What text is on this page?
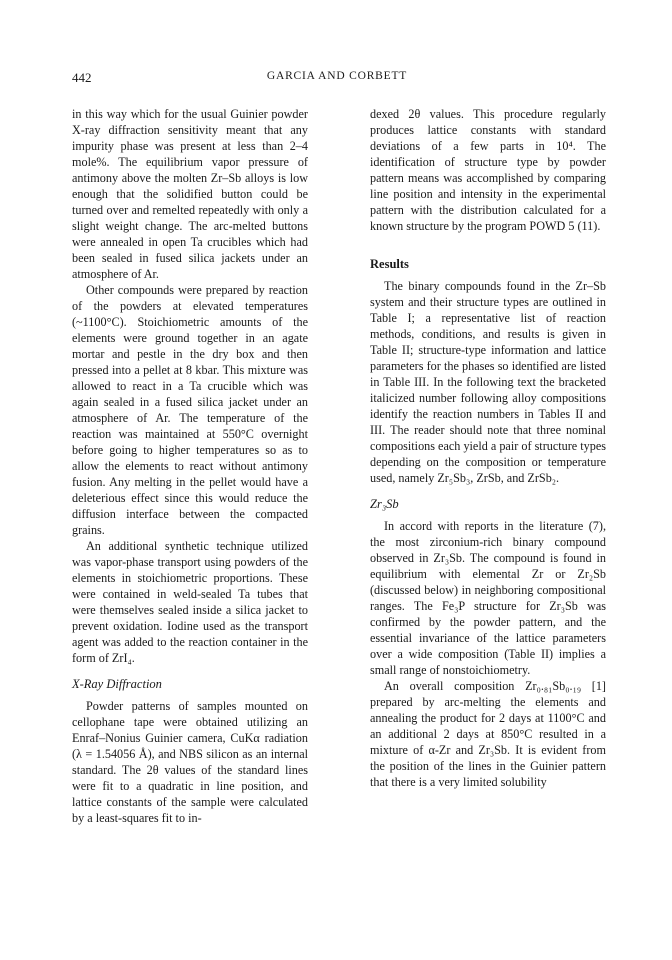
442	GARCIA AND CORBETT

in this way which for the usual Guinier powder X-ray diffraction sensitivity meant that any impurity phase was present at less than 2–4 mole%. The equilibrium vapor pressure of antimony above the molten Zr–Sb alloys is low enough that the solidified button could be turned over and remelted repeatedly with only a slight weight change. The arc-melted buttons were annealed in open Ta crucibles which had been sealed in fused silica jackets under an atmosphere of Ar.

Other compounds were prepared by reaction of the powders at elevated temperatures (~1100°C). Stoichiometric amounts of the elements were ground together in an agate mortar and pestle in the dry box and then pressed into a pellet at 8 kbar. This mixture was allowed to react in a Ta crucible which was again sealed in a fused silica jacket under an atmosphere of Ar. The temperature of the reaction was maintained at 550°C overnight before going to higher temperatures so as to allow the elements to react without antimony fusion. Any melting in the pellet would have a deleterious effect since this would reduce the diffusion interface between the compacted grains.

An additional synthetic technique utilized was vapor-phase transport using powders of the elements in stoichiometric proportions. These were contained in weld-sealed Ta tubes that were themselves sealed inside a silica jacket to prevent oxidation. Iodine used as the transport agent was added to the reaction container in the form of ZrI₄.

X-Ray Diffraction

Powder patterns of samples mounted on cellophane tape were obtained utilizing an Enraf–Nonius Guinier camera, CuKα radiation (λ = 1.54056 Å), and NBS silicon as an internal standard. The 2θ values of the standard lines were fit to a quadratic in line position, and lattice constants of the sample were calculated by a least-squares fit to in-

dexed 2θ values. This procedure regularly produces lattice constants with standard deviations of a few parts in 10⁴. The identification of structure type by powder pattern means was accomplished by comparing line position and intensity in the experimental pattern with the distribution calculated for a known structure by the program POWD 5 (11).

Results

The binary compounds found in the Zr–Sb system and their structure types are outlined in Table I; a representative list of reaction methods, conditions, and results is given in Table II; structure-type information and lattice parameters for the phases so identified are listed in Table III. In the following text the bracketed italicized number following alloy compositions identify the reaction numbers in Tables II and III. The reader should note that three nominal compositions each yield a pair of structure types depending on the composition or temperature used, namely Zr₅Sb₃, ZrSb, and ZrSb₂.

Zr₃Sb

In accord with reports in the literature (7), the most zirconium-rich binary compound observed in Zr₃Sb. The compound is found in equilibrium with elemental Zr or Zr₂Sb (discussed below) in neighboring compositional ranges. The Fe₃P structure for Zr₃Sb was confirmed by the powder pattern, and the essential invariance of the lattice parameters over a wide composition (Table II) implies a small range of nonstoichiometry.

An overall composition Zr₀.₈₁Sb₀.₁₉ [1] prepared by arc-melting the elements and annealing the product for 2 days at 1100°C and an additional 2 days at 850°C resulted in a mixture of α-Zr and Zr₃Sb. It is evident from the position of the lines in the Guinier pattern that there is a very limited solubility
